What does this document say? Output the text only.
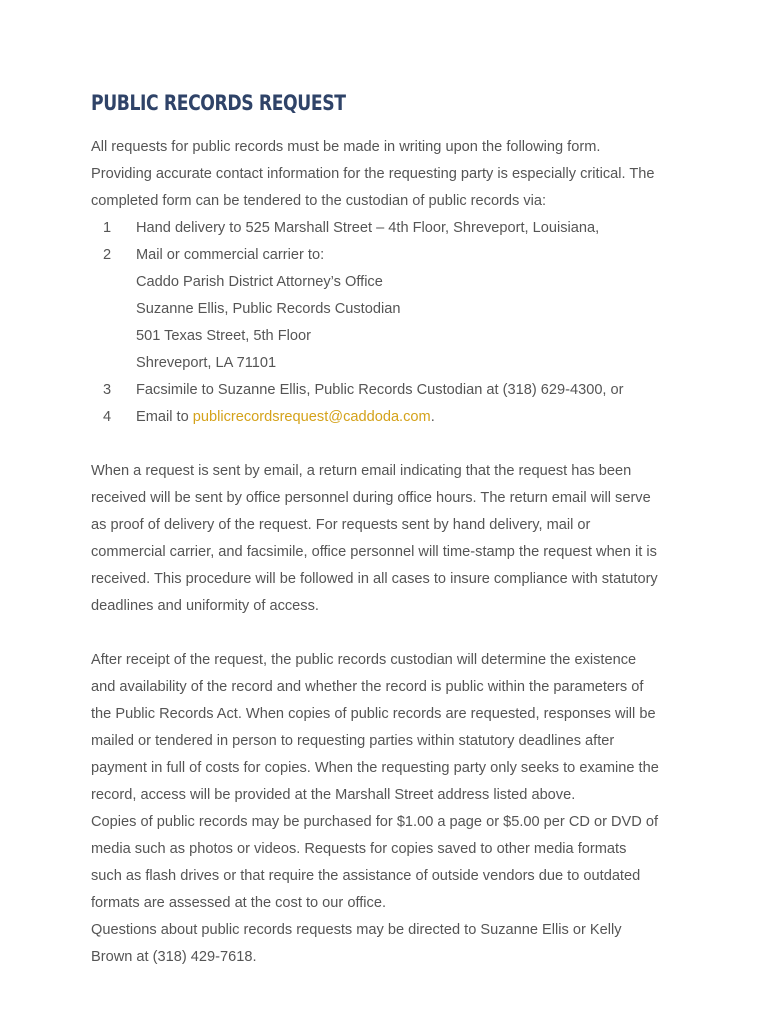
PUBLIC RECORDS REQUEST
All requests for public records must be made in writing upon the following form.
Providing accurate contact information for the requesting party is especially critical. The
completed form can be tendered to the custodian of public records via:
1	Hand delivery to 525 Marshall Street – 4th Floor, Shreveport, Louisiana,
2	Mail or commercial carrier to:
Caddo Parish District Attorney’s Office
Suzanne Ellis, Public Records Custodian
501 Texas Street, 5th Floor
Shreveport, LA 71101
3	Facsimile to Suzanne Ellis, Public Records Custodian at (318) 629-4300, or
4	Email to publicrecordsrequest@caddoda.com.
When a request is sent by email, a return email indicating that the request has been
received will be sent by office personnel during office hours. The return email will serve
as proof of delivery of the request. For requests sent by hand delivery, mail or
commercial carrier, and facsimile, office personnel will time-stamp the request when it is
received. This procedure will be followed in all cases to insure compliance with statutory
deadlines and uniformity of access.
After receipt of the request, the public records custodian will determine the existence
and availability of the record and whether the record is public within the parameters of
the Public Records Act. When copies of public records are requested, responses will be
mailed or tendered in person to requesting parties within statutory deadlines after
payment in full of costs for copies. When the requesting party only seeks to examine the
record, access will be provided at the Marshall Street address listed above.
Copies of public records may be purchased for $1.00 a page or $5.00 per CD or DVD of
media such as photos or videos. Requests for copies saved to other media formats
such as flash drives or that require the assistance of outside vendors due to outdated
formats are assessed at the cost to our office.
Questions about public records requests may be directed to Suzanne Ellis or Kelly
Brown at (318) 429-7618.
